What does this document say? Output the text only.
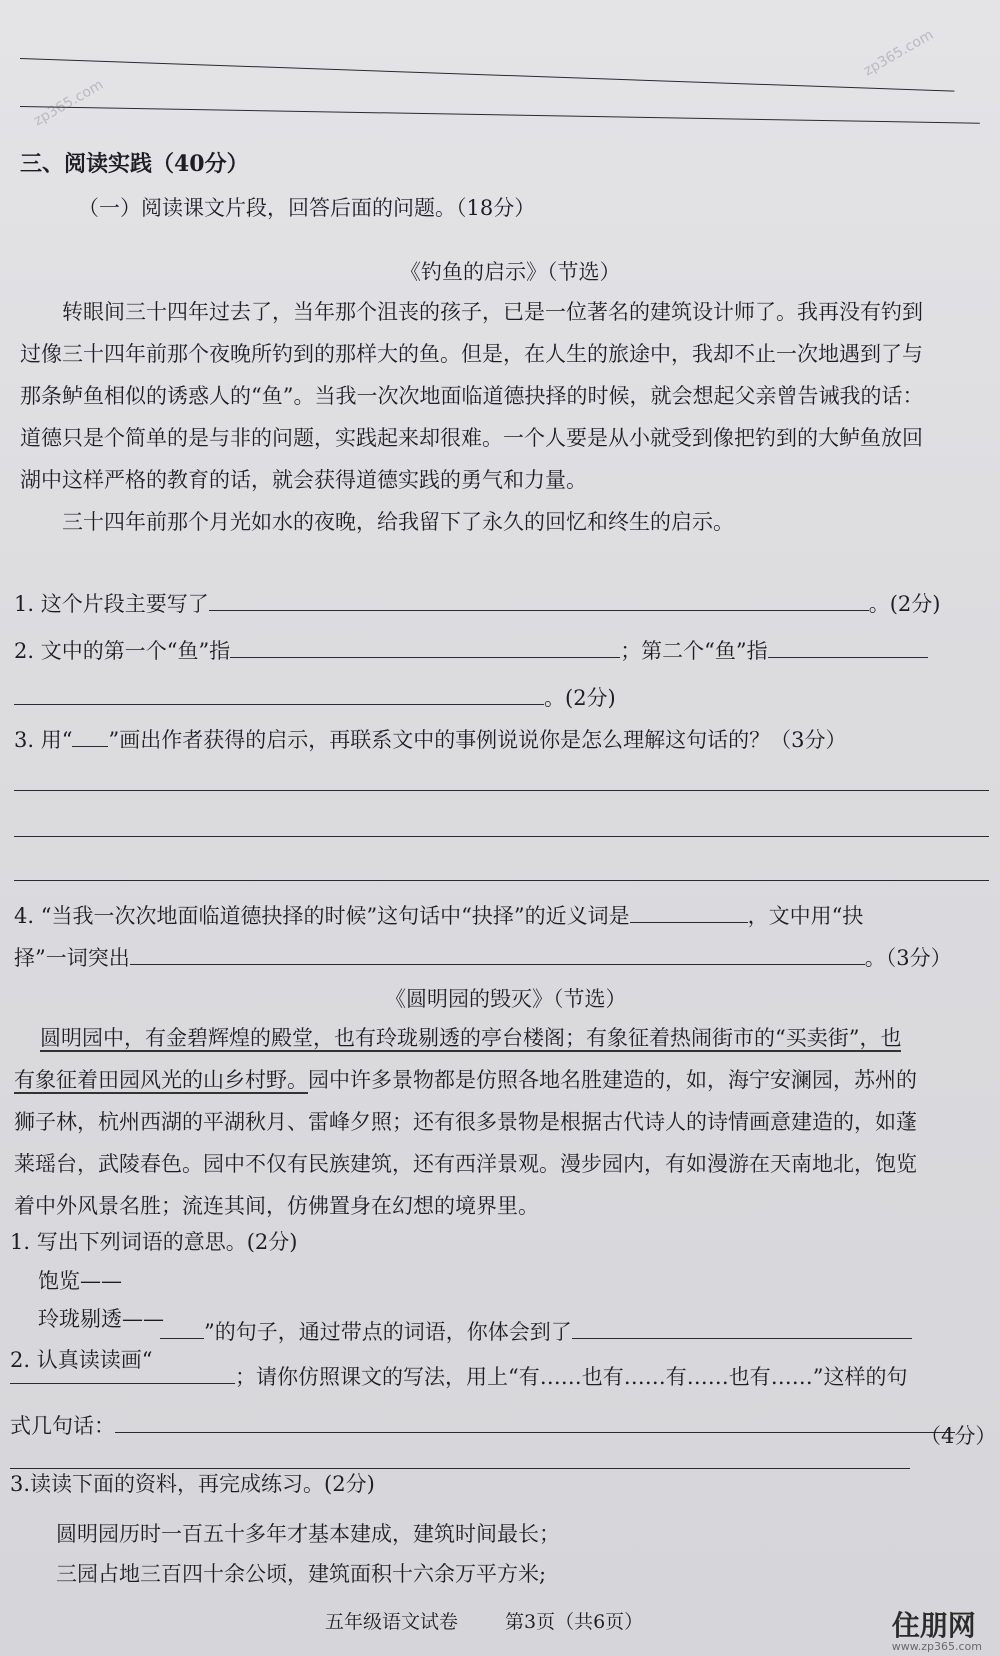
zp365.com
zp365.com
三、阅读实践（40分）
（一）阅读课文片段，回答后面的问题。（18分）
《钓鱼的启示》（节选）
转眼间三十四年过去了，当年那个沮丧的孩子，已是一位著名的建筑设计师了。我再没有钓到
过像三十四年前那个夜晚所钓到的那样大的鱼。但是，在人生的旅途中，我却不止一次地遇到了与
那条鲈鱼相似的诱惑人的“鱼”。当我一次次地面临道德抉择的时候，就会想起父亲曾告诫我的话：
道德只是个简单的是与非的问题，实践起来却很难。一个人要是从小就受到像把钓到的大鲈鱼放回
湖中这样严格的教育的话，就会获得道德实践的勇气和力量。
三十四年前那个月光如水的夜晚，给我留下了永久的回忆和终生的启示。
1. 这个片段主要写了	。(2分)
2. 文中的第一个“鱼”指	；第二个“鱼”指
。(2分)
3. 用“ ”画出作者获得的启示，再联系文中的事例说说你是怎么理解这句话的？（3分）
4. “当我一次次地面临道德抉择的时候”这句话中“抉择”的近义词是	，文中用“抉
择”一词突出	。（3分）
《圆明园的毁灭》（节选）
圆明园中，有金碧辉煌的殿堂，也有玲珑剔透的亭台楼阁；有象征着热闹街市的“买卖街”，也
有象征着田园风光的山乡村野。园中许多景物都是仿照各地名胜建造的，如，海宁安澜园，苏州的
狮子林，杭州西湖的平湖秋月、雷峰夕照；还有很多景物是根据古代诗人的诗情画意建造的，如蓬
莱瑶台，武陵春色。园中不仅有民族建筑，还有西洋景观。漫步园内，有如漫游在天南地北，饱览
着中外风景名胜；流连其间，仿佛置身在幻想的境界里。
1. 写出下列词语的意思。(2分)
饱览——
玲珑剔透——
”的句子，通过带点的词语，你体会到了
2. 认真读读画“
；请你仿照课文的写法，用上“有……也有……有……也有……”这样的句
式几句话：	（4分）
3.读读下面的资料，再完成练习。(2分)
圆明园历时一百五十多年才基本建成，建筑时间最长；
三园占地三百四十余公顷，建筑面积十六余万平方米;
五年级语文试卷 第3页（共6页）	住朋网
www.zp365.com
